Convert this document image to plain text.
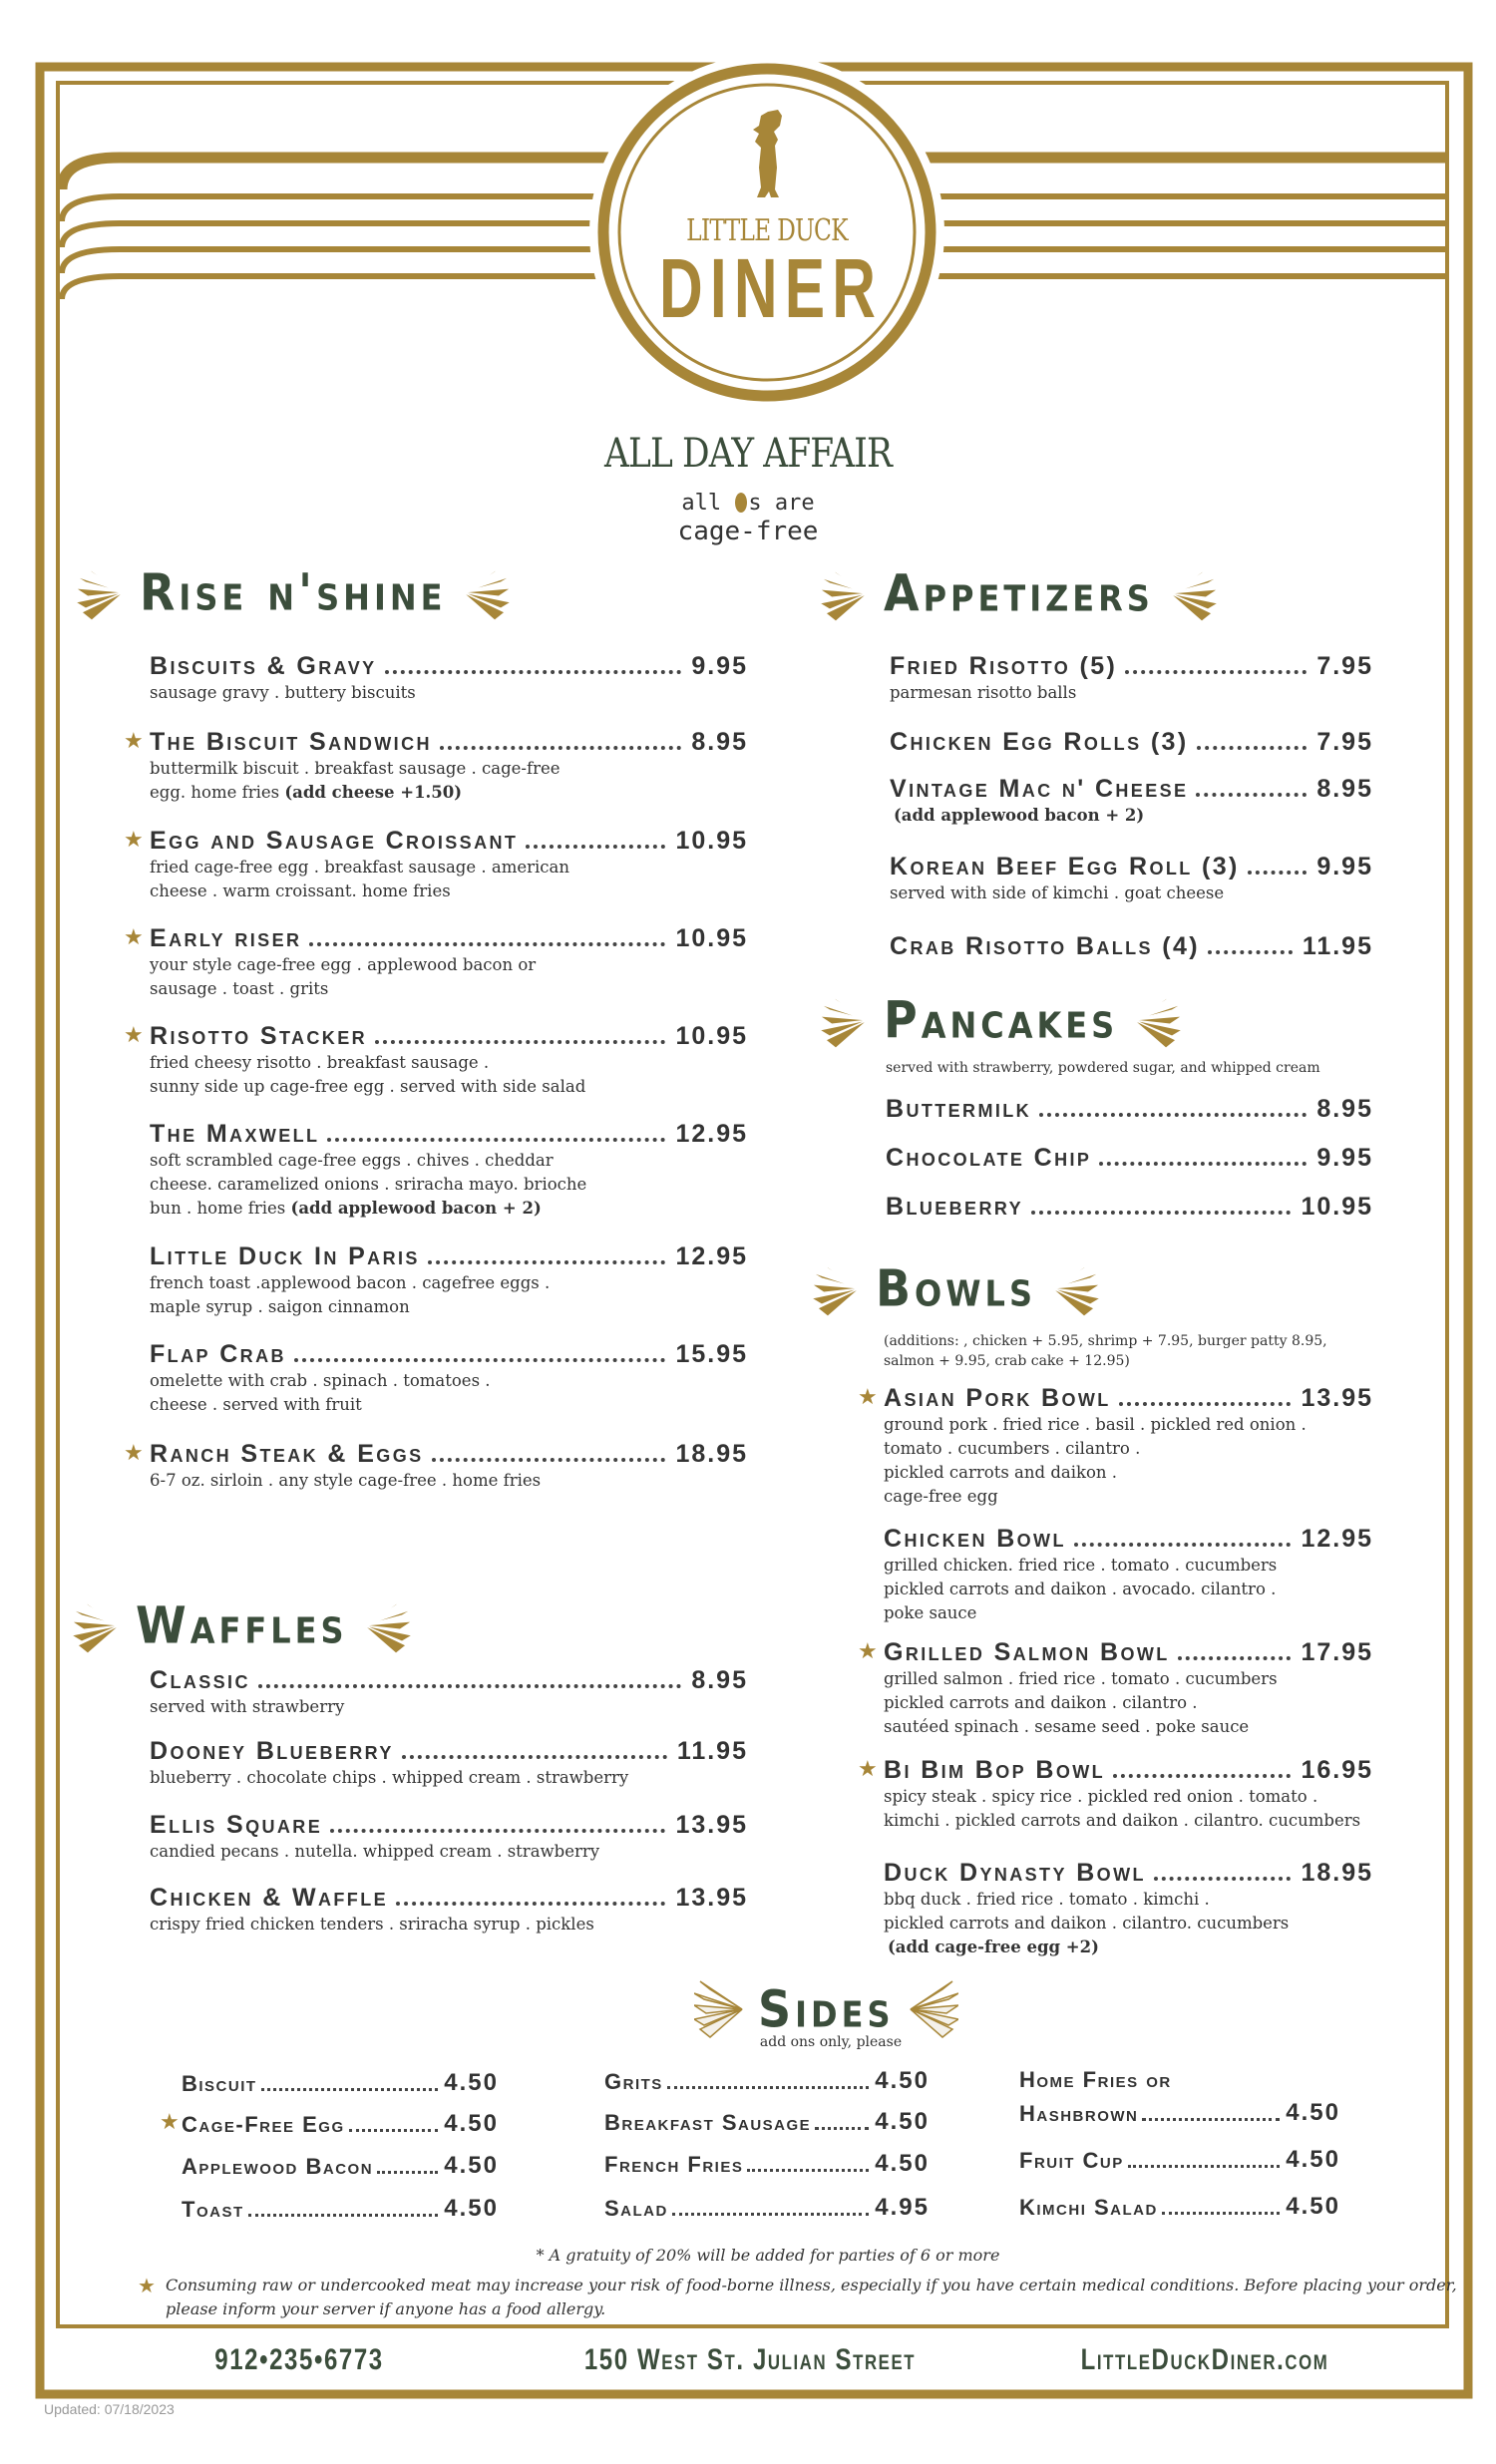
LITTLE DUCK
DINER
ALL DAY AFFAIR
all s are
cage-free
Rise n'shine
Biscuits & Gravy	9.95
sausage gravy . buttery biscuits
★ The Biscuit Sandwich	8.95
buttermilk biscuit . breakfast sausage . cage-free
egg. home fries (add cheese +1.50)
★ Egg and Sausage Croissant	10.95
fried cage-free egg . breakfast sausage . american
cheese . warm croissant. home fries
★ Early riser	10.95
your style cage-free egg . applewood bacon or
sausage . toast . grits
★ Risotto Stacker	10.95
fried cheesy risotto . breakfast sausage .
sunny side up cage-free egg . served with side salad
The Maxwell	12.95
soft scrambled cage-free eggs . chives . cheddar
cheese. caramelized onions . sriracha mayo. brioche
bun . home fries (add applewood bacon + 2)
Little Duck In Paris	12.95
french toast .applewood bacon . cagefree eggs .
maple syrup . saigon cinnamon
Flap Crab	15.95
omelette with crab . spinach . tomatoes .
cheese . served with fruit
★ Ranch Steak & Eggs	18.95
6-7 oz. sirloin . any style cage-free . home fries
Waffles
Classic	8.95
served with strawberry
Dooney Blueberry	11.95
blueberry . chocolate chips . whipped cream . strawberry
Ellis Square	13.95
candied pecans . nutella. whipped cream . strawberry
Chicken & Waffle	13.95
crispy fried chicken tenders . sriracha syrup . pickles
Appetizers
Fried Risotto (5)	7.95
parmesan risotto balls
Chicken Egg Rolls (3)	7.95
Vintage Mac n' Cheese	8.95
(add applewood bacon + 2)
Korean Beef Egg Roll (3)	9.95
served with side of kimchi . goat cheese
Crab Risotto Balls (4)	11.95
Pancakes
served with strawberry, powdered sugar, and whipped cream
Buttermilk	8.95
Chocolate Chip	9.95
Blueberry	10.95
Bowls
(additions: , chicken + 5.95, shrimp + 7.95, burger patty 8.95,
salmon + 9.95, crab cake + 12.95)
★ Asian Pork Bowl	13.95
ground pork . fried rice . basil . pickled red onion .
tomato . cucumbers . cilantro .
pickled carrots and daikon .
cage-free egg
Chicken Bowl	12.95
grilled chicken. fried rice . tomato . cucumbers
pickled carrots and daikon . avocado. cilantro .
poke sauce
★ Grilled Salmon Bowl	17.95
grilled salmon . fried rice . tomato . cucumbers
pickled carrots and daikon . cilantro .
sautéed spinach . sesame seed . poke sauce
★ Bi Bim Bop Bowl	16.95
spicy steak . spicy rice . pickled red onion . tomato .
kimchi . pickled carrots and daikon . cilantro. cucumbers
Duck Dynasty Bowl	18.95
bbq duck . fried rice . tomato . kimchi .
pickled carrots and daikon . cilantro. cucumbers
(add cage-free egg +2)
Sides
add ons only, please
Biscuit	4.50
★ Cage-Free Egg	4.50
Applewood Bacon	4.50
Toast	4.50
Grits	4.50
Breakfast Sausage	4.50
French Fries	4.50
Salad	4.95
Home Fries or
Hashbrown	4.50
Fruit Cup	4.50
Kimchi Salad	4.50
* A gratuity of 20% will be added for parties of 6 or more
★ Consuming raw or undercooked meat may increase your risk of food-borne illness, especially if you have certain medical conditions. Before placing your order,
please inform your server if anyone has a food allergy.
912•235•6773	150 West St. Julian Street	LittleDuckDiner.com
Updated: 07/18/2023
